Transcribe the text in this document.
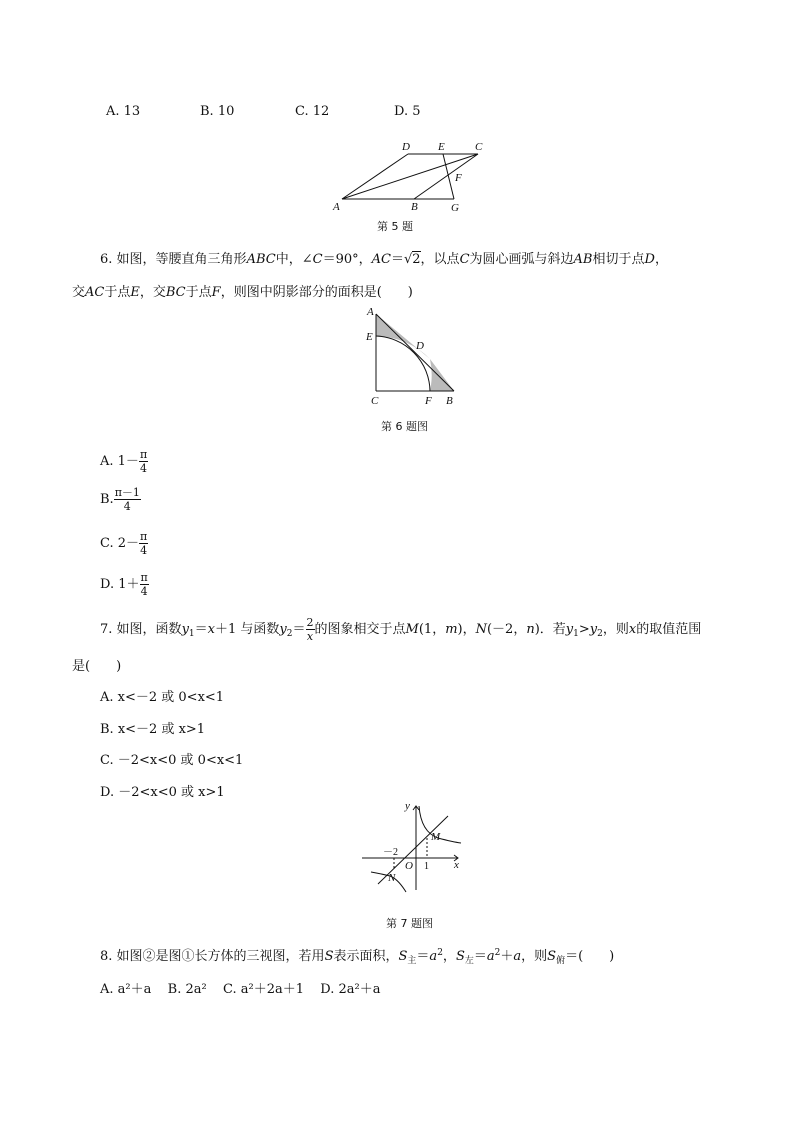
A. 13	B. 10	C. 12	D. 5
A	B
C
D	E
F
G
第 5 题
6. 如图，等腰直角三角形ABC中，∠C＝90°，AC＝√2，以点C为圆心画弧与斜边AB相切于点D，
交AC于点E，交BC于点F，则图中阴影部分的面积是( )
A
E
D
C	F B
第 6 题图
A. $1- \frac{\pi}{4}$
B. $\frac{\pi-1}{4}$
C. $2- \frac{\pi}{4}$
D. $1+ \frac{\pi}{4}$
7. 如图，函数$y_1=x+1$ 与函数$y_2= \frac{2}{x}$ 的图象相交于点M(1，m)，N(－2，n)．若$y_1>y_2$，则x的取值范围
是( )
A. x<－2 或 0<x<1
B. x<－2 或 x>1
C. －2<x<0 或 0<x<1
D. －2<x<0 或 x>1
y
x
O
M
N
－2
1
第 7 题图
8. 如图②是图①长方体的三视图，若用S表示面积，$S_主=a^2$，$S_左=a^2+a$，则$S_俯=$( )
A. a²＋a B. 2a² C. a²＋2a＋1 D. 2a²＋a
